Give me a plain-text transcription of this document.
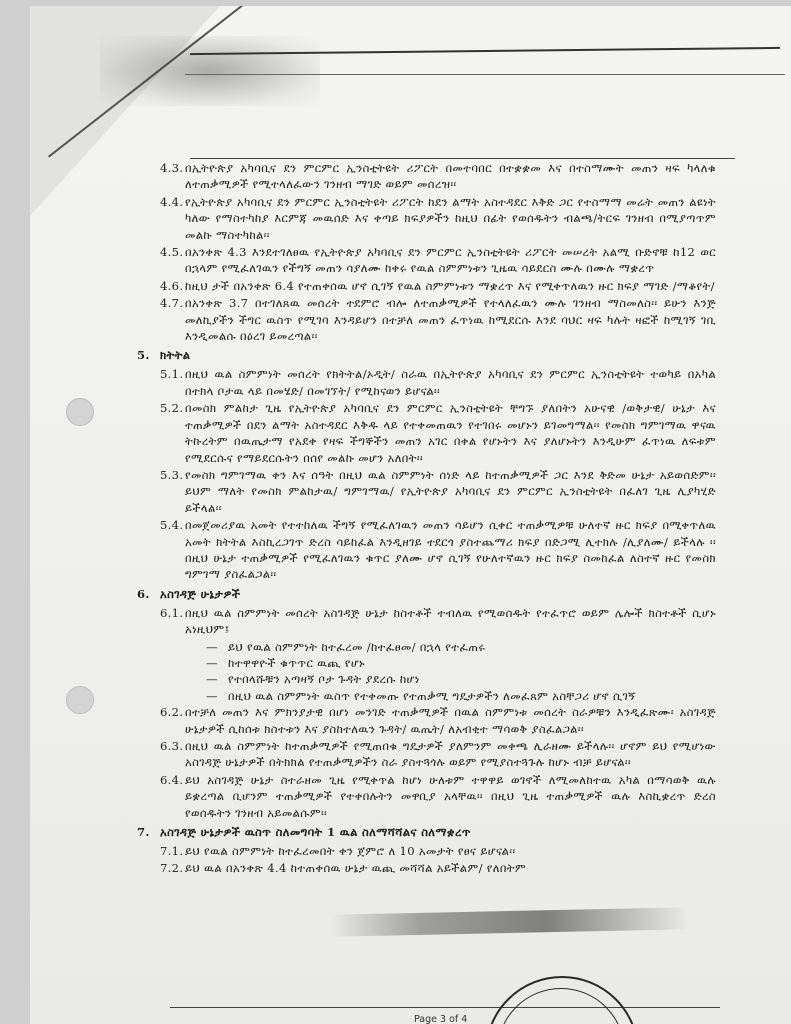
4.3. በኢትዮጵያ አካባቢና ደን ምርምር ኢንስቲትዩት ሪፖርት በመተባበር በተቋቋመ እና በተስማሙት መጠን ዛፍ ካላለቁ ለተጠቃሚዎች የሚተላለፈውን ገንዘብ ማገድ ወይም መሰረዝ፡፡
4.4. የኢትዮጵያ አካባቢና ደን ምርምር ኢንስቲትዩት ሪፖርት ከደን ልማት አስተዳደር እቅድ ጋር የተስማማ መሬት መጠን ልዩነት ካለው የማስተካከያ እርምጃ መዉሰድ እና ቀጣይ ክፍያዎችን ከዚህ በፊት የወሰዱትን ብልጫ/ትርፍ ገንዘብ በሚያጣጥም መልኩ ማስተካከል፡፡
4.5. በአንቀጽ 4.3 እንደተገለፀዉ የኢትዮጵያ አካባቢና ደን ምርምር ኢንስቲትዩት ሪፖርት መሠረት አልሚ ቡድኖቹ ከ12 ወር በኋላም የሚፈለገዉን የችግኝ መጠን ሳያለሙ ከቀሩ የዉል ስምምነቱን ጊዜዉ ሳይደርስ ሙሉ በሙሉ ማቋረጥ
4.6. ከዚህ ታች በአንቀጽ 6.4 የተጠቀሰዉ ሆኖ ሲገኝ የዉል ስምምነቱን ማቋረጥ እና የሚቀጥለዉን ዙር ክፍያ ማገድ /ማቆየት/
4.7. በአንቀጽ 3.7 በተገለጸዉ መሰረት ተደምሮ ብሎ ለተጠቃሚዎች የተላለፈዉን ሙሉ ገንዘብ ማስመለስ፡፡ ይሁን እንጅ መለኪያችን ችግር ዉስጥ የሚገባ እንዳይሆን በተቻለ መጠን ፈጥነዉ ከሚደርሱ እንደ ባህር ዛፍ ካሉት ዛፎች ከሚገኝ ገቢ እንዲመልሱ በዕረገ ይመረጣል፡፡
5. ክትትል
5.1. በዚህ ዉል ስምምነት መሰረት የክትትል/ኦዲት/ ስራዉ በኢትዮጵያ አካባቢና ደን ምርምር ኢንስቲትዩት ተወካይ በአካል በተክላ ቦታዉ ላይ በመሄድ/ በመገኘት/ የሚከናወን ይሆናል፡፡
5.2. በመስክ ምልከታ ጊዜ የኢትዮጵያ አካባቢና ደን ምርምር ኢንስቲትዩት ቸግኙ ያለበትን አሁናዊ /ወቅታዊ/ ሁኔታ እና ተጠቃሚዎች በደን ልማት አስተዳደር እቅዱ ላይ የተቀመጠዉን የተገበሩ መሆኑን ይገመግማል፡፡ የመስክ ግምገማዉ ዋናዉ ትኩረትም በዉጤታማ የአደቀ የዛፍ ችግኞችን መጠን አገር በቀል የሆኑትን እና ያለሆኑትን እንዲሁም ፈጥነዉ ለፍቱም የሚደርሱና የማይደርሱትን በሰየ መልኩ መሆን አለበት፡፡
5.3. የመስክ ግምገማዉ ቀን እና ሰዓት በዚህ ዉል ስምምነት ሰነድ ላይ ከተጠቃሚዎች ጋር እንደ ቅድመ ሁኔታ አይወሰድም፡፡ይህም ማለት የመስክ ምልከታዉ/ ግምገማዉ/ የኢትዮጵያ አካባቢና ደን ምርምር ኢንስቲትዩት በፈለገ ጊዜ ሊያካሂድ ይችላል፡፡
5.4. በመጀመሪያዉ አመት የተተከለዉ ችግኝ የሚፈለገዉን መጠን ሳይሆን ሲቀር ተጠቃሚዎቹ ሁለተኛ ዙር ክፍያ በሚቀጥለዉ አመት ክትትል እስኪረጋገጥ ድረስ ሳይከፈል እንዲዘገይ ተደርጎ ያስተጨማሪ ክፍያ በድጋሚ ሊተክሉ /ሊያለሙ/ ይችላሉ ፡፡ በዚህ ሁኔታ ተጠቃሚዎች የሚፈለገዉን ቁጥር ያለሙ ሆኖ ሲገኝ የሁለተኛዉን ዙር ክፍያ ስመከፈል ለስተኛ ዙር የመስክ ግምገማ ያስፈልጋል፡፡
6. አስገዳጅ ሁኔታዎች
6.1. በዚህ ዉል ስምምነት መሰረት አስገዳጅ ሁኔታ ከስተቶች ተብለዉ የሚወሰዱት የተፈጥሮ ወይም ሌሎች ክስተቶች ሲሆኑ አነዚህም፤
— ይህ የዉል ስምምነት ከተፈረመ /ከተፈፀመ/ በኋላ የተፈጠሩ
— ከተዋዋዮች ቁጥጥር ዉጪ የሆኑ
— የተበላሹቹን አጣዛኝ ቦታ ጉዳት ያደረሱ ከሆነ
— በዚህ ዉል ስምምነት ዉስጥ የተቀመጡ የተጠቃሚ ግዴታዎችን ለመፈጸም አስቸጋሪ ሆኖ ሲገኝ
6.2. በተቻለ መጠን እና ምክንያታዊ በሆነ መንገድ ተጠቃሚዎች በዉል ስምምነቱ መሰረት ስራዎቹን እንዲፈጽሙ፡ አስገዳጅ ሁኔታዎች ሲከሰቱ ክስተቱን እና ያስከተለዉን ጉዳት/ ዉጤት/ ለአብቂተ ማሳወቅ ያስፈልጋል፡፡
6.3. በዚህ ዉል ስምምነት ከተጠቃሚዎች የሚጠበቁ ግዴታዎች ያለምንም መቀጫ ሊራዘሙ ይችላሉ፡፡ ሆኖም ይህ የሚሆነው አስገዳጅ ሁኔታዎች በትክክል የተጠቃሚዎችን ስራ ያስተጓጎሉ ወይም የሚያስተጓጉሉ ከሆኑ ብቻ ይሆናል፡፡
6.4. ይህ አስገዳጅ ሁኔታ ስተራዘመ ጊዜ የሚቀጥል ከሆነ ሁለቱም ተዋዋይ ወገኖች ለሚመለከተዉ አካል በማሳወቅ ዉሉ ይቋረጣል ቢሆንም ተጠቃሚዎች የተቀበሉትን መዋቢያ አላቸዉ፡፡ በዚህ ጊዜ ተጠቃሚዎች ዉሉ እስኪቋረጥ ድረስ የወሰዱትን ገንዘብ አይመልሱም፡፡
7. አስገዳጅ ሁኔታዎች ዉስጥ ስለመግባት 1 ዉል ስለማሻሻልና ስለማቋረጥ
7.1. ይህ የዉል ስምምነት ከተፈረመበት ቀን ጀምሮ ለ 10 አመታት የፀና ይሆናል፡፡
7.2. ይህ ዉል በአንቀጽ 4.4 ከተጠቀሰዉ ሁኔታ ዉጪ መሻሻል አይችልም/ የለበትም
Page 3 of 4
